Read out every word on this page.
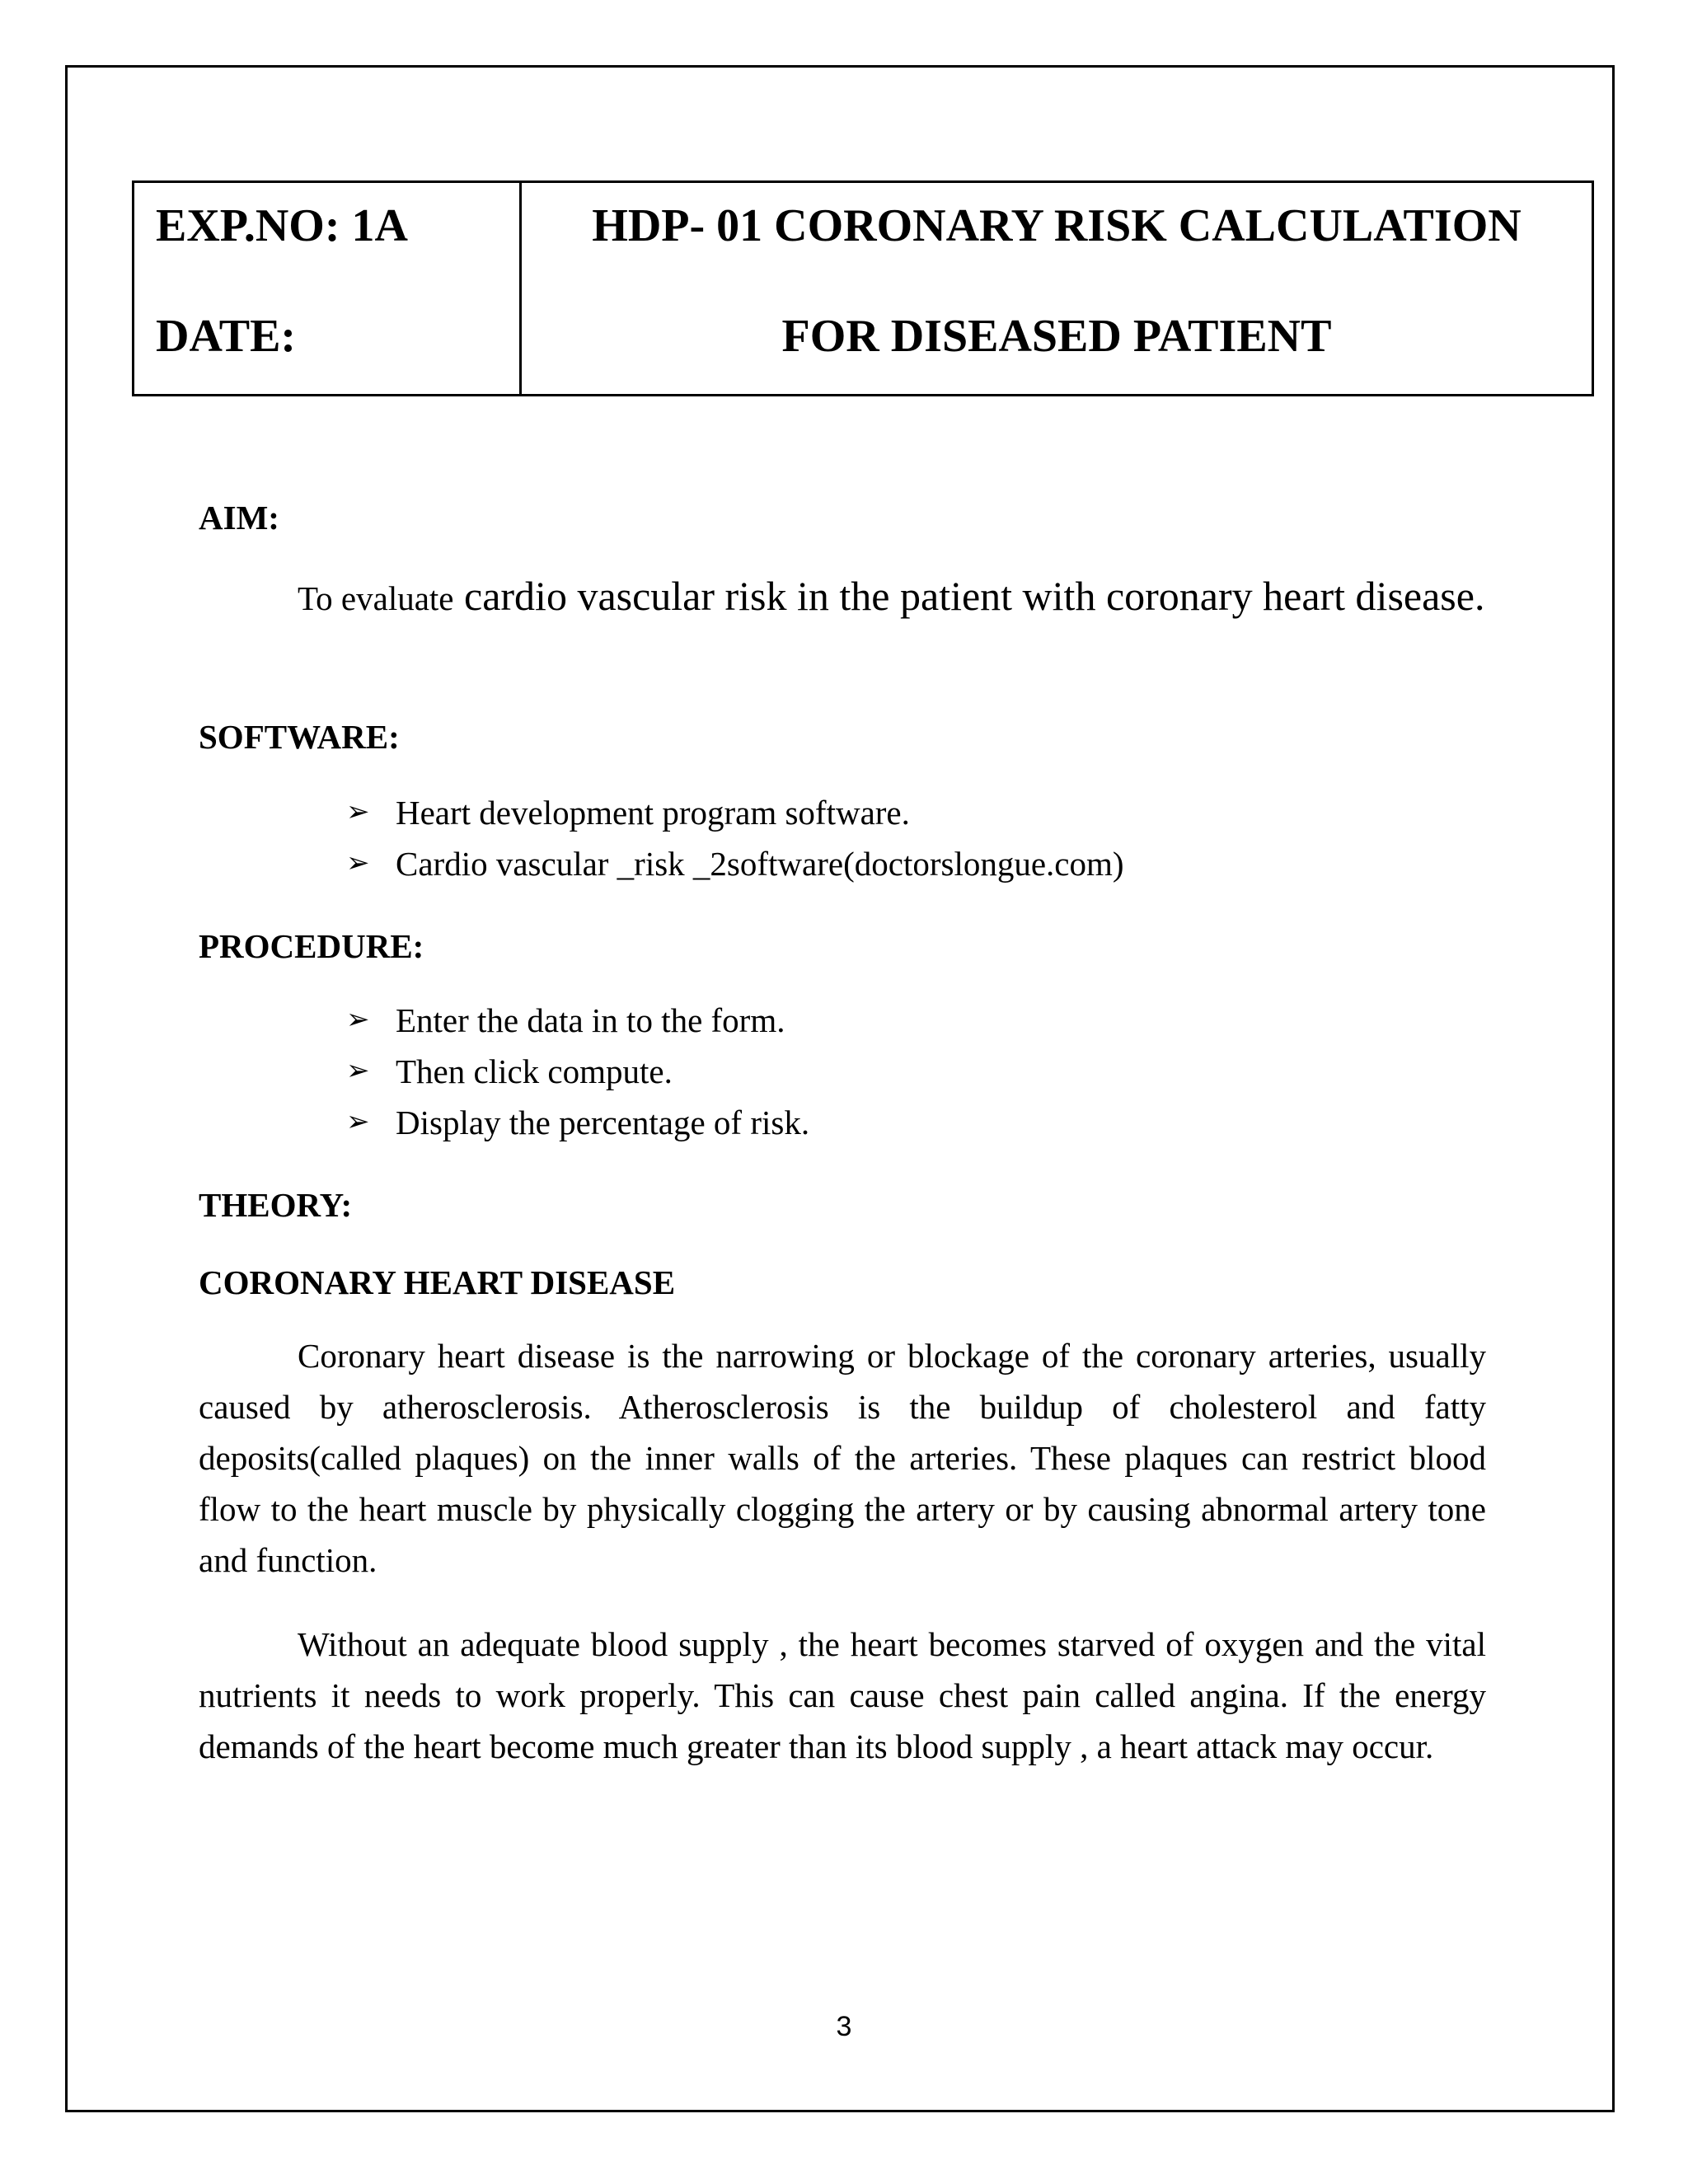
EXP.NO: 1A
DATE:
HDP- 01 CORONARY RISK CALCULATION
FOR DISEASED PATIENT
AIM:

To evaluate cardio vascular risk in the patient with coronary heart disease.

SOFTWARE:
➢ Heart development program software.
➢ Cardio vascular _risk _2software(doctorslongue.com)
PROCEDURE:
➢ Enter the data in to the form.
➢ Then click compute.
➢ Display the percentage of risk.
THEORY:
CORONARY HEART DISEASE

Coronary heart disease is the narrowing or blockage of the coronary arteries, usually caused by atherosclerosis. Atherosclerosis is the buildup of cholesterol and fatty deposits(called plaques) on the inner walls of the arteries. These plaques can restrict blood flow to the heart muscle by physically clogging the artery or by causing abnormal artery tone and function.

Without an adequate blood supply , the heart becomes starved of oxygen and the vital nutrients it needs to work properly. This can cause chest pain called angina. If the energy demands of the heart become much greater than its blood supply , a heart attack may occur.

3
